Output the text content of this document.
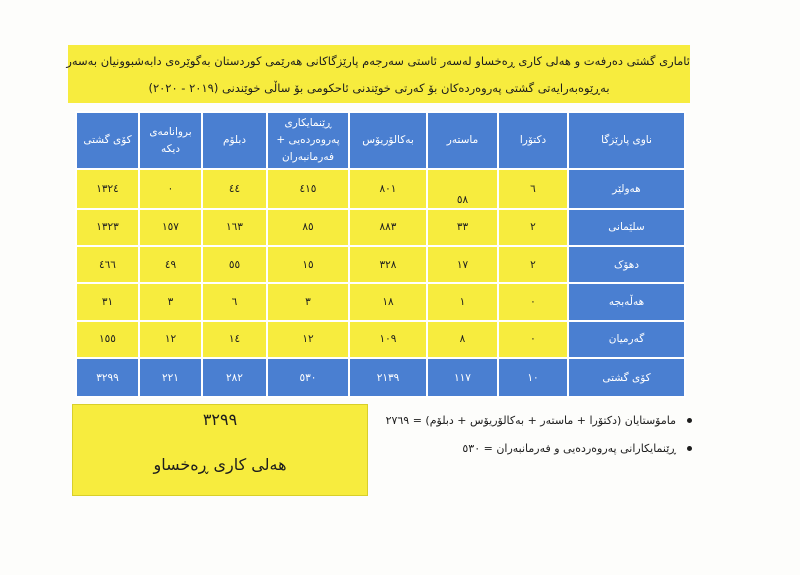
ئاماری گشتی دەرفەت و هەلی کاری ڕەخساو لەسەر ئاستی سەرجەم پارێزگاکانی هەرێمی کوردستان بەگوێرەی دابەشبوونیان بەسەر
بەڕێوەبەرایەتی گشتی پەروەردەکان بۆ کەرتی خوێندنی ئاحکومی بۆ ساڵی خوێندنی (٢٠١٩ - ٢٠٢٠)
ناوی پارێزگا	دکتۆرا	ماستەر	بەکالۆریۆس	ڕێنمایکاری پەروەردەیی + فەرمانبەران	دبلۆم	بروانامەی دیکە	کۆی گشتی
هەولێر	٦	٥٨	٨٠١	٤١٥	٤٤	٠	١٣٢٤
سلێمانی	٢	٣٣	٨٨٣	٨٥	١٦٣	١٥٧	١٣٢٣
دهۆک	٢	١٧	٣٢٨	١٥	٥٥	٤٩	٤٦٦
هەڵەبجە	٠	١	١٨	٣	٦	٣	٣١
گەرمیان	٠	٨	١٠٩	١٢	١٤	١٢	١٥٥
کۆی گشتی	١٠	١١٧	٢١٣٩	٥٣٠	٢٨٢	٢٢١	٣٢٩٩
٣٢٩٩
هەلی کاری ڕەخساو
مامۆستایان (دکتۆرا + ماستەر + بەکالۆریۆس + دبلۆم) = ٢٧٦٩
ڕێنمایکارانی پەروەردەیی و فەرمانبەران = ٥٣٠
